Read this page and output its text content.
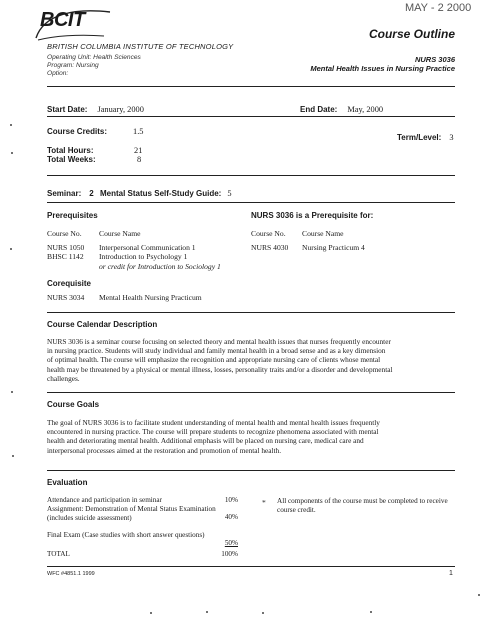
BCIT
MAY - 2 2000
Course Outline
BRITISH COLUMBIA INSTITUTE OF TECHNOLOGY
Operating Unit: Health Sciences
Program: Nursing
Option:
NURS 3036
Mental Health Issues in Nursing Practice
Start Date: January, 2000	End Date: May, 2000
Course Credits:	1.5
Term/Level: 3
Total Hours:	21
Total Weeks:	8
Seminar: 2 Mental Status Self-Study Guide: 5
Prerequisites
Course No. Course Name
NURS 1050 Interpersonal Communication 1
BHSC 1142 Introduction to Psychology 1
or credit for Introduction to Sociology 1
NURS 3036 is a Prerequisite for:
Course No. Course Name
NURS 4030 Nursing Practicum 4
Corequisite
NURS 3034 Mental Health Nursing Practicum
Course Calendar Description
NURS 3036 is a seminar course focusing on selected theory and mental health issues that nurses frequently encounter
in nursing practice. Students will study individual and family mental health in a broad sense and as a key dimension
of optimal health. The course will emphasize the recognition and appropriate nursing care of clients whose mental
health may be threatened by a physical or mental illness, losses, personality traits and/or a disorder and developmental
challenges.
Course Goals
The goal of NURS 3036 is to facilitate student understanding of mental health and mental health issues frequently
encountered in nursing practice. The course will prepare students to recognize phenomena associated with mental
health and deteriorating mental health. Additional emphasis will be placed on nursing care, medical care and
interpersonal processes aimed at the restoration and promotion of mental health.
Evaluation
Attendance and participation in seminar	10%
Assignment: Demonstration of Mental Status Examination (includes suicide assessment)	40%
Final Exam (Case studies with short answer questions)
50%
TOTAL	100%
* All components of the course must be completed to receive course credit.
WFC #4851.1 1999	1
